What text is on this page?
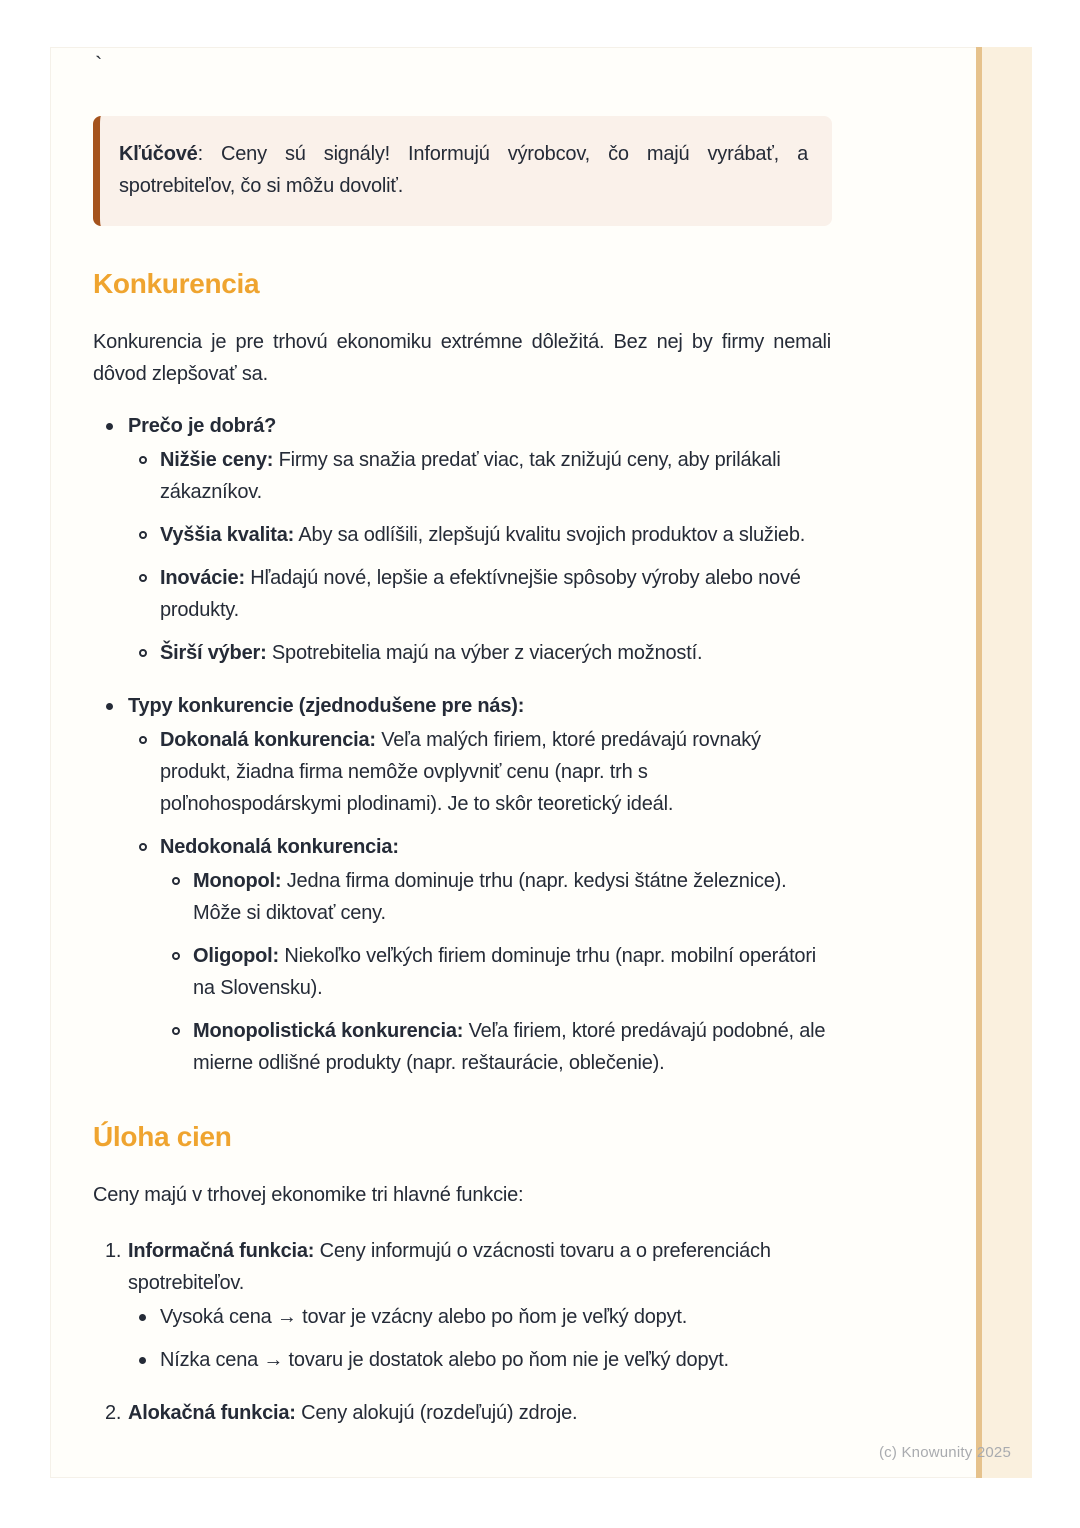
`

Kľúčové: Ceny sú signály! Informujú výrobcov, čo majú vyrábať, a spotrebiteľov, čo si môžu dovoliť.

Konkurencia

Konkurencia je pre trhovú ekonomiku extrémne dôležitá. Bez nej by firmy nemali dôvod zlepšovať sa.

Prečo je dobrá?

Nižšie ceny: Firmy sa snažia predať viac, tak znižujú ceny, aby prilákali zákazníkov.

Vyššia kvalita: Aby sa odlíšili, zlepšujú kvalitu svojich produktov a služieb.

Inovácie: Hľadajú nové, lepšie a efektívnejšie spôsoby výroby alebo nové produkty.

Širší výber: Spotrebitelia majú na výber z viacerých možností.

Typy konkurencie (zjednodušene pre nás):

Dokonalá konkurencia: Veľa malých firiem, ktoré predávajú rovnaký produkt, žiadna firma nemôže ovplyvniť cenu (napr. trh s poľnohospodárskymi plodinami). Je to skôr teoretický ideál.

Nedokonalá konkurencia:

Monopol: Jedna firma dominuje trhu (napr. kedysi štátne železnice). Môže si diktovať ceny.

Oligopol: Niekoľko veľkých firiem dominuje trhu (napr. mobilní operátori na Slovensku).

Monopolistická konkurencia: Veľa firiem, ktoré predávajú podobné, ale mierne odlišné produkty (napr. reštaurácie, oblečenie).

Úloha cien

Ceny majú v trhovej ekonomike tri hlavné funkcie:

1. Informačná funkcia: Ceny informujú o vzácnosti tovaru a o preferenciách spotrebiteľov.

Vysoká cena → tovar je vzácny alebo po ňom je veľký dopyt.

Nízka cena → tovaru je dostatok alebo po ňom nie je veľký dopyt.

2. Alokačná funkcia: Ceny alokujú (rozdeľujú) zdroje.

(c) Knowunity 2025
